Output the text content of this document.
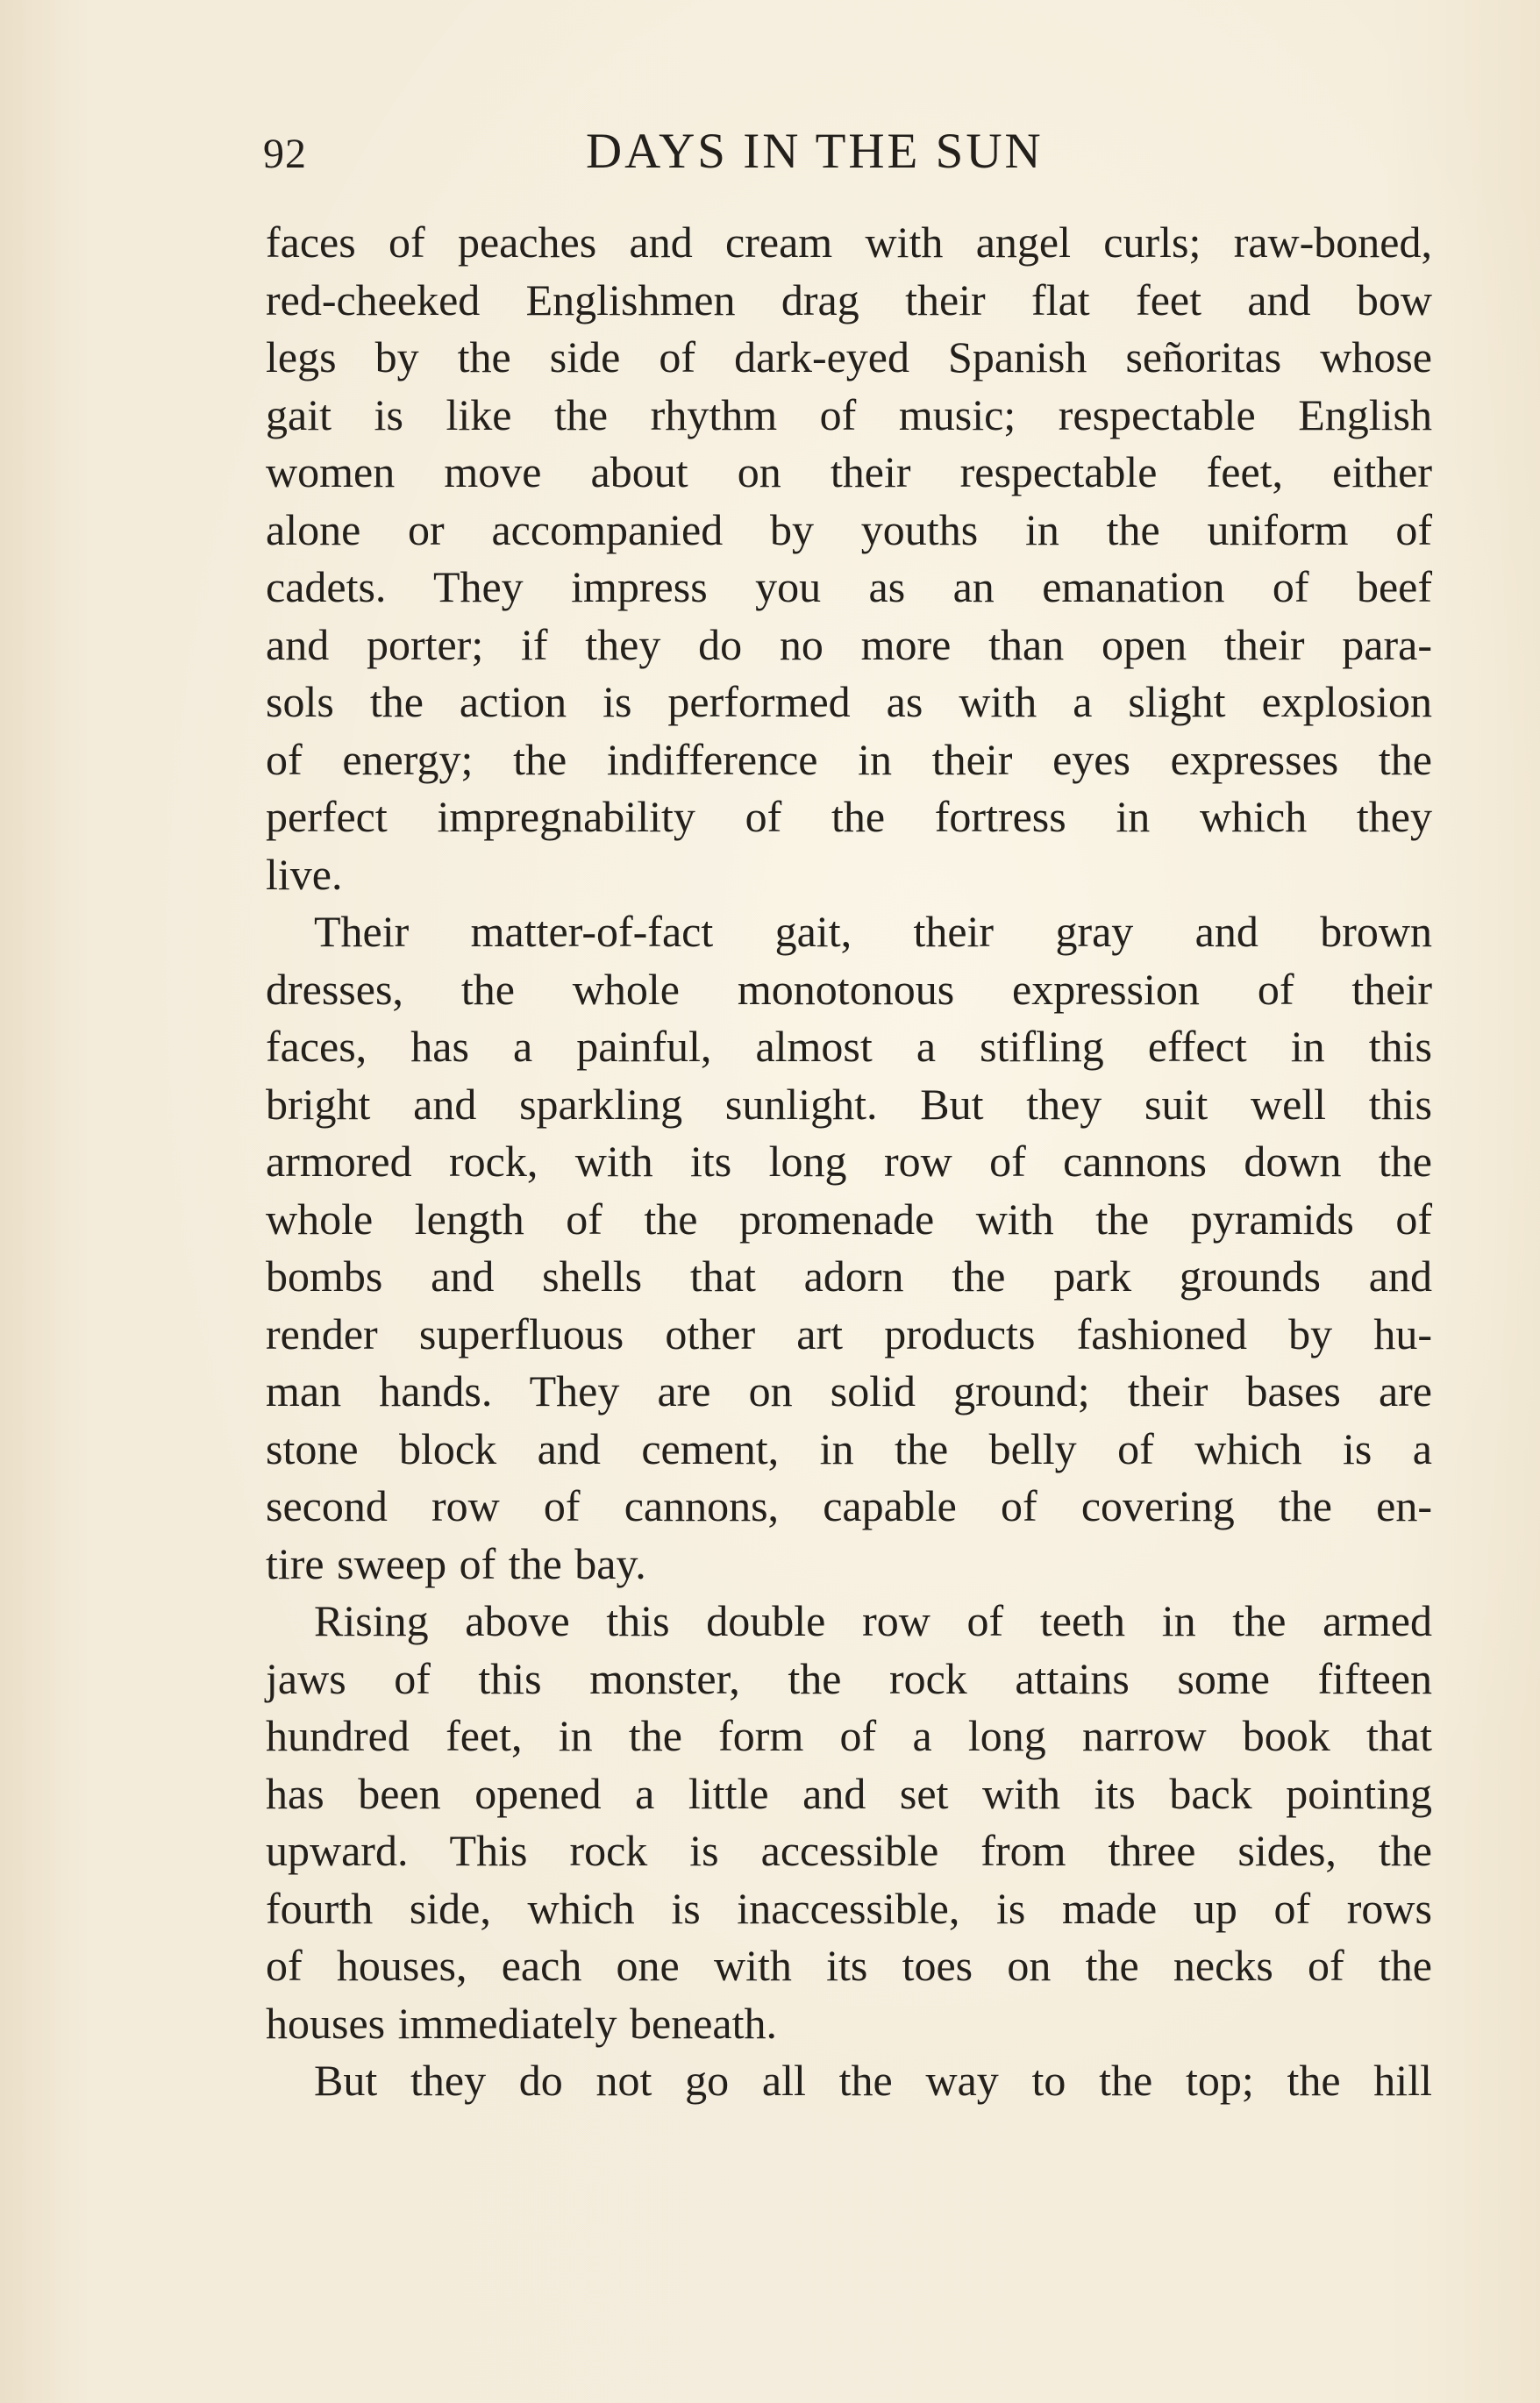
92	DAYS IN THE SUN
faces of peaches and cream with angel curls; raw-boned,
red-cheeked Englishmen drag their flat feet and bow
legs by the side of dark-eyed Spanish señoritas whose
gait is like the rhythm of music; respectable English
women move about on their respectable feet, either
alone or accompanied by youths in the uniform of
cadets. They impress you as an emanation of beef
and porter; if they do no more than open their para-
sols the action is performed as with a slight explosion
of energy; the indifference in their eyes expresses the
perfect impregnability of the fortress in which they
live.
Their matter-of-fact gait, their gray and brown
dresses, the whole monotonous expression of their
faces, has a painful, almost a stifling effect in this
bright and sparkling sunlight. But they suit well this
armored rock, with its long row of cannons down the
whole length of the promenade with the pyramids of
bombs and shells that adorn the park grounds and
render superfluous other art products fashioned by hu-
man hands. They are on solid ground; their bases are
stone block and cement, in the belly of which is a
second row of cannons, capable of covering the en-
tire sweep of the bay.
Rising above this double row of teeth in the armed
jaws of this monster, the rock attains some fifteen
hundred feet, in the form of a long narrow book that
has been opened a little and set with its back pointing
upward. This rock is accessible from three sides, the
fourth side, which is inaccessible, is made up of rows
of houses, each one with its toes on the necks of the
houses immediately beneath.
But they do not go all the way to the top; the hill
